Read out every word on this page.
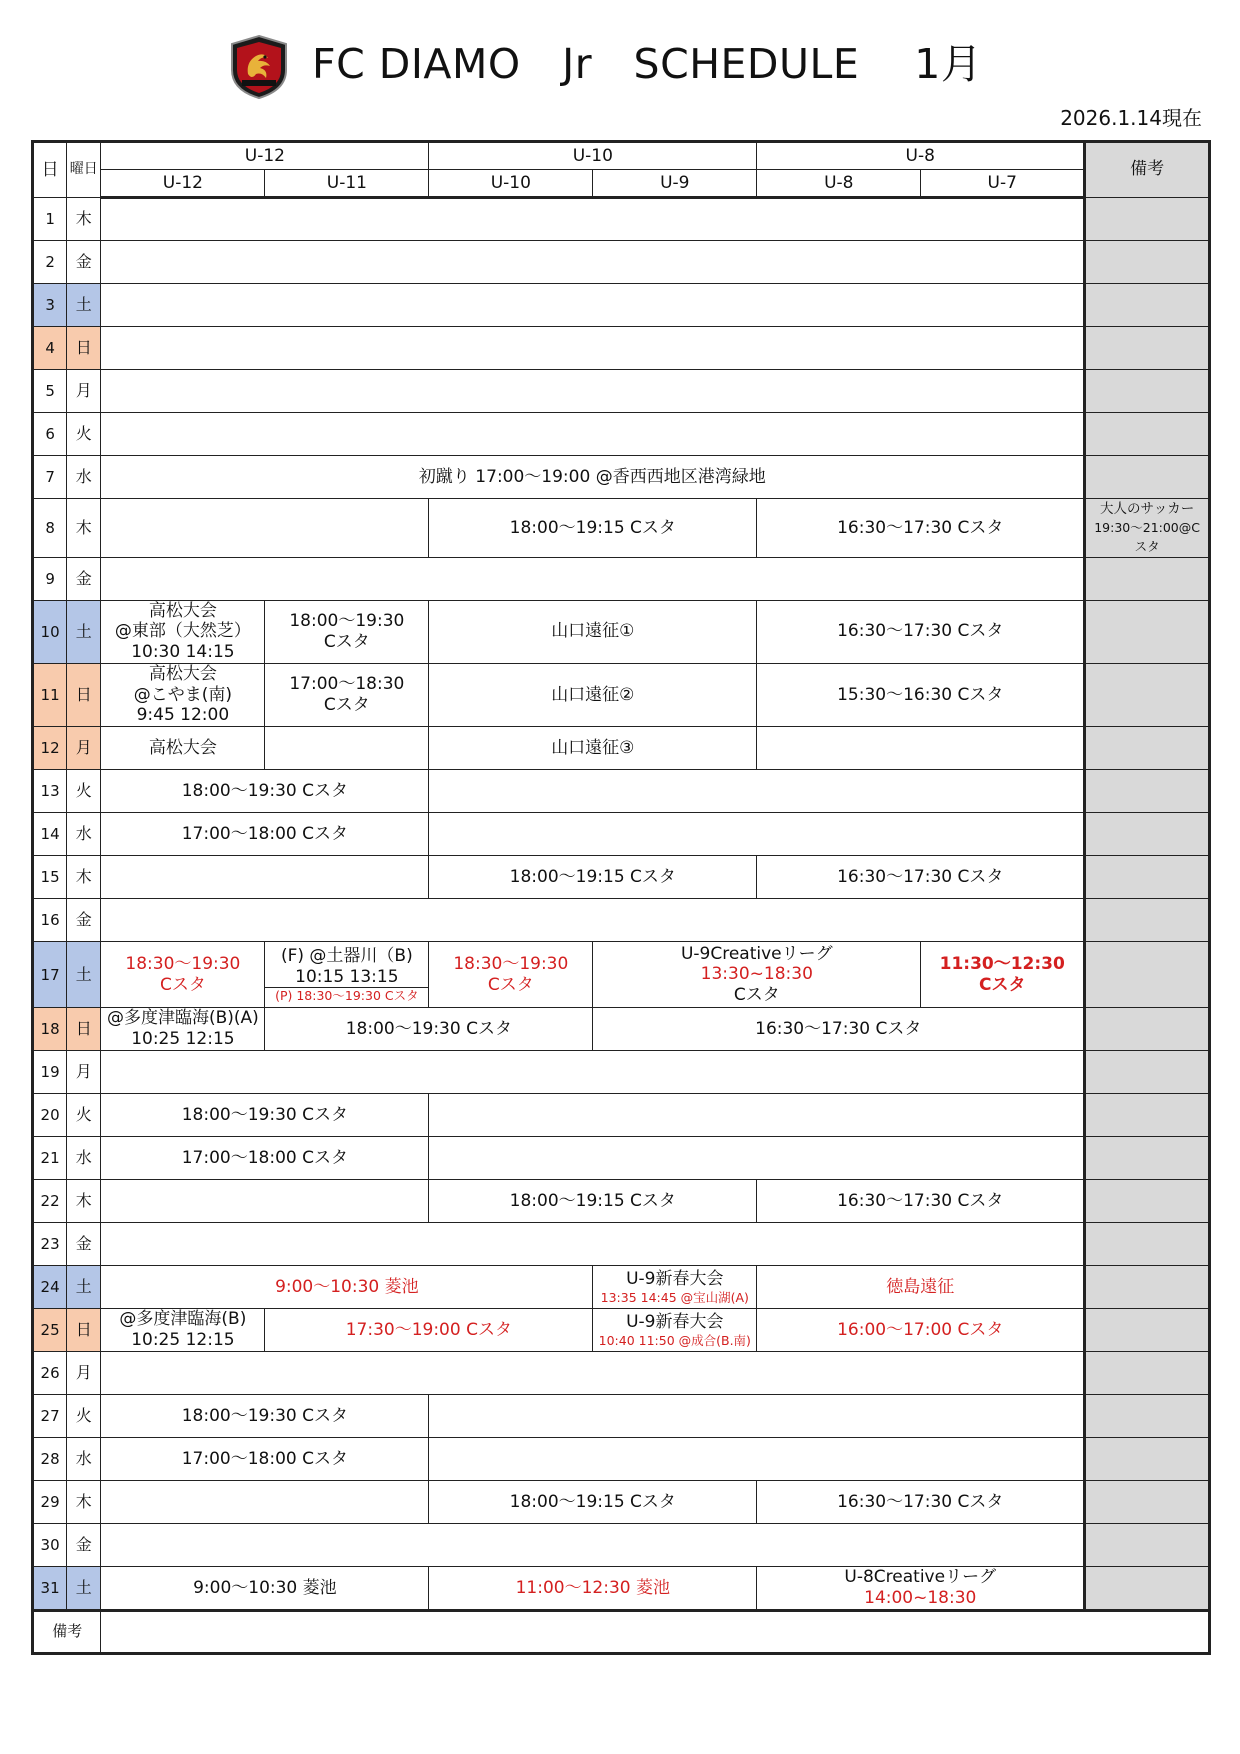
FC DIAMO　Jr　SCHEDULE　 1月
2026.1.14現在
日	曜日	U-12		U-10		U-8		備考
		U-12	U-11	U-10	U-9	U-8	U-7	
1	木							
2	金							
3	土							
4	日							
5	月							
6	火							
7	水	初蹴り 17:00～19:00 @香西西地区港湾緑地						

8	木			18:00～19:15 Cスタ		16:30～17:30 Cスタ		大人のサッカー
19:30～21:00@Cスタ

9	金							
10	土	高松大会
@東部（大然芝）
10:30 14:15	18:00～19:30
Cスタ	山口遠征①		16:30～17:30 Cスタ		

11	日	高松大会
@こやま(南)
9:45 12:00	17:00～18:30
Cスタ	山口遠征②		15:30～16:30 Cスタ		

12	月	高松大会		山口遠征③				

13	火	18:00～19:30 Cスタ						

14	水	17:00～18:00 Cスタ						

15	木			18:00～19:15 Cスタ		16:30～17:30 Cスタ		

16	金							
17	土	18:30～19:30
Cスタ	(F) @土器川（B)
10:15 13:15
(P) 18:30～19:30 Cスタ	18:30～19:30
Cスタ	U-9Creativeリーグ
13:30~18:30
Cスタ		11:30～12:30
Cスタ	

18	日	@多度津臨海(B)(A)
10:25 12:15	18:00～19:30 Cスタ		16:30～17:30 Cスタ			

19	月							
20	火	18:00～19:30 Cスタ						

21	水	17:00～18:00 Cスタ						

22	木			18:00～19:15 Cスタ		16:30～17:30 Cスタ		

23	金							
24	土	9:00～10:30 菱池			U-9新春大会
13:35 14:45 @宝山湖(A)	徳島遠征		

25	日	@多度津臨海(B)
10:25 12:15	17:30～19:00 Cスタ		U-9新春大会
10:40 11:50 @成合(B.南)	16:00～17:00 Cスタ		

26	月							
27	火	18:00～19:30 Cスタ						

28	水	17:00～18:00 Cスタ						

29	木			18:00～19:15 Cスタ		16:30～17:30 Cスタ		

30	金							
31	土	9:00～10:30 菱池		11:00～12:30 菱池		U-8Creativeリーグ
14:00~18:30		

備考								
